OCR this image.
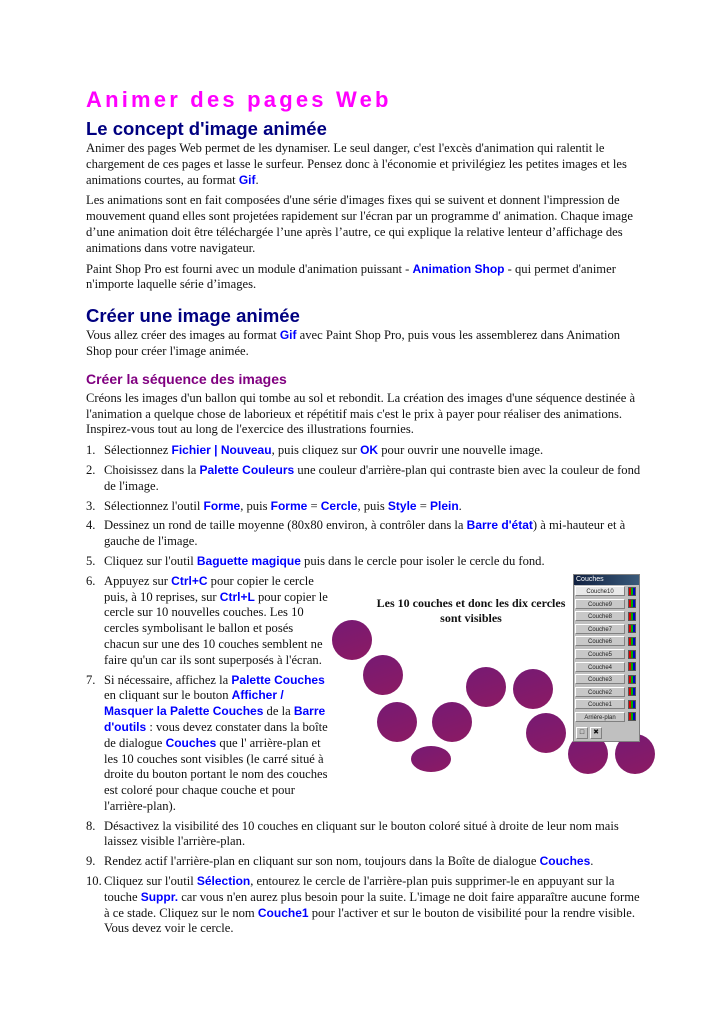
Animer des pages Web
Le concept d'image animée

Animer des pages Web permet de les dynamiser. Le seul danger, c'est l'excès d'animation qui ralentit le chargement de ces pages et lasse le surfeur. Pensez donc à l'économie et privilégiez les petites images et les animations courtes, au format Gif.

Les animations sont en fait composées d'une série d'images fixes qui se suivent et donnent l'impression de mouvement quand elles sont projetées rapidement sur l'écran par un programme d' animation. Chaque image d’une animation doit être téléchargée l’une après l’autre, ce qui explique la relative lenteur d’affichage des animations dans votre navigateur.

Paint Shop Pro est fourni avec un module d'animation puissant - Animation Shop - qui permet d'animer n'importe laquelle série d’images.

Créer une image animée

Vous allez créer des images au format Gif avec Paint Shop Pro, puis vous les assemblerez dans Animation Shop pour créer l'image animée.

Créer la séquence des images

Créons les images d'un ballon qui tombe au sol et rebondit. La création des images d'une séquence destinée à l'animation a quelque chose de laborieux et répétitif mais c'est le prix à payer pour réaliser des animations. Inspirez-vous tout au long de l'exercice des illustrations fournies.

1. Sélectionnez Fichier | Nouveau, puis cliquez sur OK pour ouvrir une nouvelle image.
2. Choisissez dans la Palette Couleurs une couleur d'arrière-plan qui contraste bien avec la couleur de fond de l'image.
3. Sélectionnez l'outil Forme, puis Forme = Cercle, puis Style = Plein.
4. Dessinez un rond de taille moyenne (80x80 environ, à contrôler dans la Barre d'état) à mi-hauteur et à gauche de l'image.
5. Cliquez sur l'outil Baguette magique puis dans le cercle pour isoler le cercle du fond.
Les 10 couches et donc les dix cercles sont visibles
Couches
Couche10
Couche9
Couche8
Couche7
Couche6
Couche5
Couche4
Couche3
Couche2
Couche1
Arrière-plan
□	✖
6. Appuyez sur Ctrl+C pour copier le cercle puis, à 10 reprises, sur Ctrl+L pour copier le cercle sur 10 nouvelles couches. Les 10 cercles symbolisant le ballon et posés chacun sur une des 10 couches semblent ne faire qu'un car ils sont superposés à l'écran.
7. Si nécessaire, affichez la Palette Couches en cliquant sur le bouton Afficher / Masquer la Palette Couches de la Barre d'outils : vous devez constater dans la boîte de dialogue Couches que l' arrière-plan et les 10 couches sont visibles (le carré situé à droite du bouton portant le nom des couches est coloré pour chaque couche et pour l'arrière-plan).
8. Désactivez la visibilité des 10 couches en cliquant sur le bouton coloré situé à droite de leur nom mais laissez visible l'arrière-plan.
9. Rendez actif l'arrière-plan en cliquant sur son nom, toujours dans la Boîte de dialogue Couches.
10. Cliquez sur l'outil Sélection, entourez le cercle de l'arrière-plan puis supprimer-le en appuyant sur la touche Suppr. car vous n'en aurez plus besoin pour la suite. L'image ne doit faire apparaître aucune forme à ce stade. Cliquez sur le nom Couche1 pour l'activer et sur le bouton de visibilité pour la rendre visible. Vous devez voir le cercle.
